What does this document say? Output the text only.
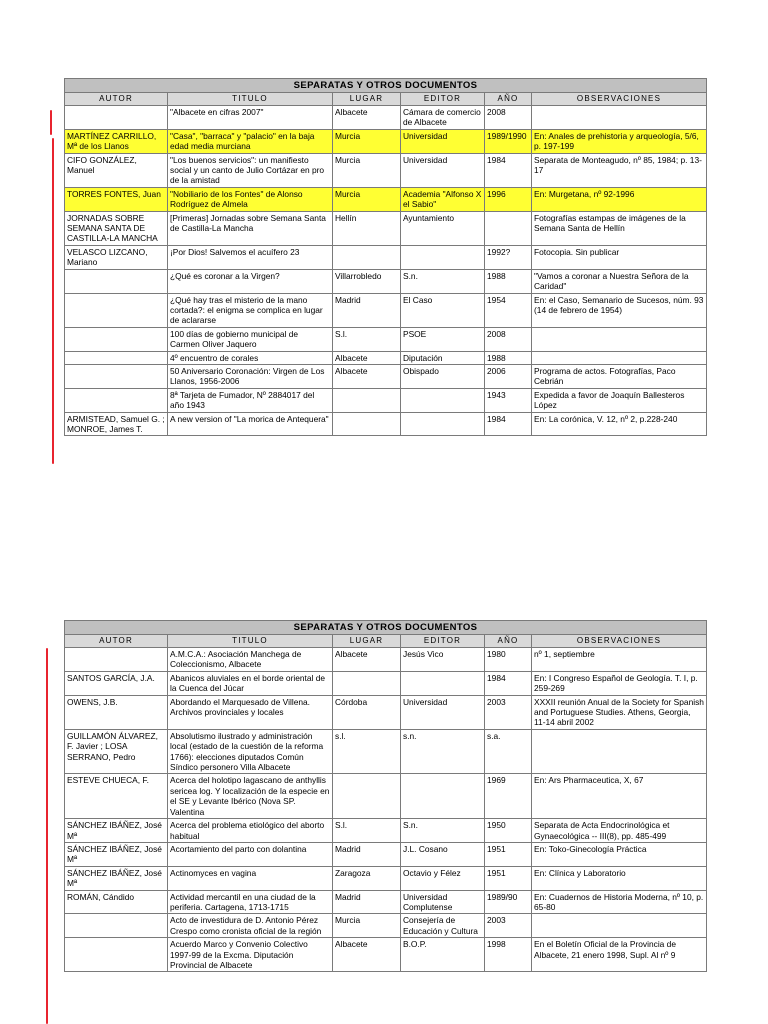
SEPARATAS Y OTROS DOCUMENTOS					
AUTOR	TITULO	LUGAR	EDITOR	AÑO	OBSERVACIONES
	"Albacete en cifras 2007"	Albacete	Cámara de comercio de Albacete	2008	
MARTÍNEZ CARRILLO, Mª de los Llanos	"Casa", "barraca" y "palacio" en la baja edad media murciana	Murcia	Universidad	1989/1990	En: Anales de prehistoria y arqueología, 5/6, p. 197-199
CIFO GONZÁLEZ, Manuel	"Los buenos servicios": un manifiesto social y un canto de Julio Cortázar en pro de la amistad	Murcia	Universidad	1984	Separata de Monteagudo, nº 85, 1984; p. 13-17
TORRES FONTES, Juan	"Nobiliario de los Fontes" de Alonso Rodríguez de Almela	Murcia	Academia "Alfonso X el Sabio"	1996	En: Murgetana, nº 92-1996
JORNADAS SOBRE SEMANA SANTA DE CASTILLA-LA MANCHA	[Primeras] Jornadas sobre Semana Santa de Castilla-La Mancha	Hellín	Ayuntamiento		Fotografías estampas de imágenes de la Semana Santa de Hellín
VELASCO LIZCANO, Mariano	¡Por Dios! Salvemos el acuífero 23			1992?	Fotocopia. Sin publicar
	¿Qué es coronar a la Virgen?	Villarrobledo	S.n.	1988	"Vamos a coronar a Nuestra Señora de la Caridad"
	¿Qué hay tras el misterio de la mano cortada?: el enigma se complica en lugar de aclararse	Madrid	El Caso	1954	En: el Caso, Semanario de Sucesos, núm. 93 (14 de febrero de 1954)
	100 días de gobierno municipal de Carmen Oliver Jaquero	S.l.	PSOE	2008	
	4º encuentro de corales	Albacete	Diputación	1988	
	50 Aniversario Coronación: Virgen de Los Llanos, 1956-2006	Albacete	Obispado	2006	Programa de actos. Fotografías, Paco Cebrián
	8ª Tarjeta de Fumador, Nº 2884017 del año 1943			1943	Expedida a favor de Joaquín Ballesteros López
ARMISTEAD, Samuel G. ; MONROE, James T.	A new version of "La morica de Antequera"			1984	En: La corónica, V. 12, nº 2, p.228-240
SEPARATAS Y OTROS DOCUMENTOS					
AUTOR	TITULO	LUGAR	EDITOR	AÑO	OBSERVACIONES
	A.M.C.A.: Asociación Manchega de Coleccionismo, Albacete	Albacete	Jesús Vico	1980	nº 1, septiembre
SANTOS GARCÍA, J.A.	Abanicos aluviales en el borde oriental de la Cuenca del Júcar			1984	En: I Congreso Español de Geología. T. I, p. 259-269
OWENS, J.B.	Abordando el Marquesado de Villena. Archivos provinciales y locales	Córdoba	Universidad	2003	XXXII reunión Anual de la Society for Spanish and Portuguese Studies. Athens, Georgia, 11-14 abril 2002
GUILLAMÓN ÁLVAREZ, F. Javier ; LOSA SERRANO, Pedro	Absolutismo ilustrado y administración local (estado de la cuestión de la reforma 1766): elecciones diputados Común Síndico personero Villa Albacete	s.l.	s.n.	s.a.	
ESTEVE CHUECA, F.	Acerca del holotipo lagascano de anthyllis sericea log. Y localización de la especie en el SE y Levante Ibérico (Nova SP. Valentina			1969	En: Ars Pharmaceutica, X, 67
SÁNCHEZ IBÁÑEZ, José Mª	Acerca del problema etiológico del aborto habitual	S.l.	S.n.	1950	Separata de Acta Endocrinológica et Gynaecológica -- III(8), pp. 485-499
SÁNCHEZ IBÁÑEZ, José Mª	Acortamiento del parto con dolantina	Madrid	J.L. Cosano	1951	En: Toko-Ginecología Práctica
SÁNCHEZ IBÁÑEZ, José Mª	Actinomyces en vagina	Zaragoza	Octavio y Félez	1951	En: Clínica y Laboratorio
ROMÁN, Cándido	Actividad mercantil en una ciudad de la periferia. Cartagena, 1713-1715	Madrid	Universidad Complutense	1989/90	En: Cuadernos de Historia Moderna, nº 10, p. 65-80
	Acto de investidura de D. Antonio Pérez Crespo como cronista oficial de la región	Murcia	Consejería de Educación y Cultura	2003	
	Acuerdo Marco y Convenio Colectivo 1997-99 de la Excma. Diputación Provincial de Albacete	Albacete	B.O.P.	1998	En el Boletín Oficial de la Provincia de Albacete, 21 enero 1998, Supl. Al nº 9
